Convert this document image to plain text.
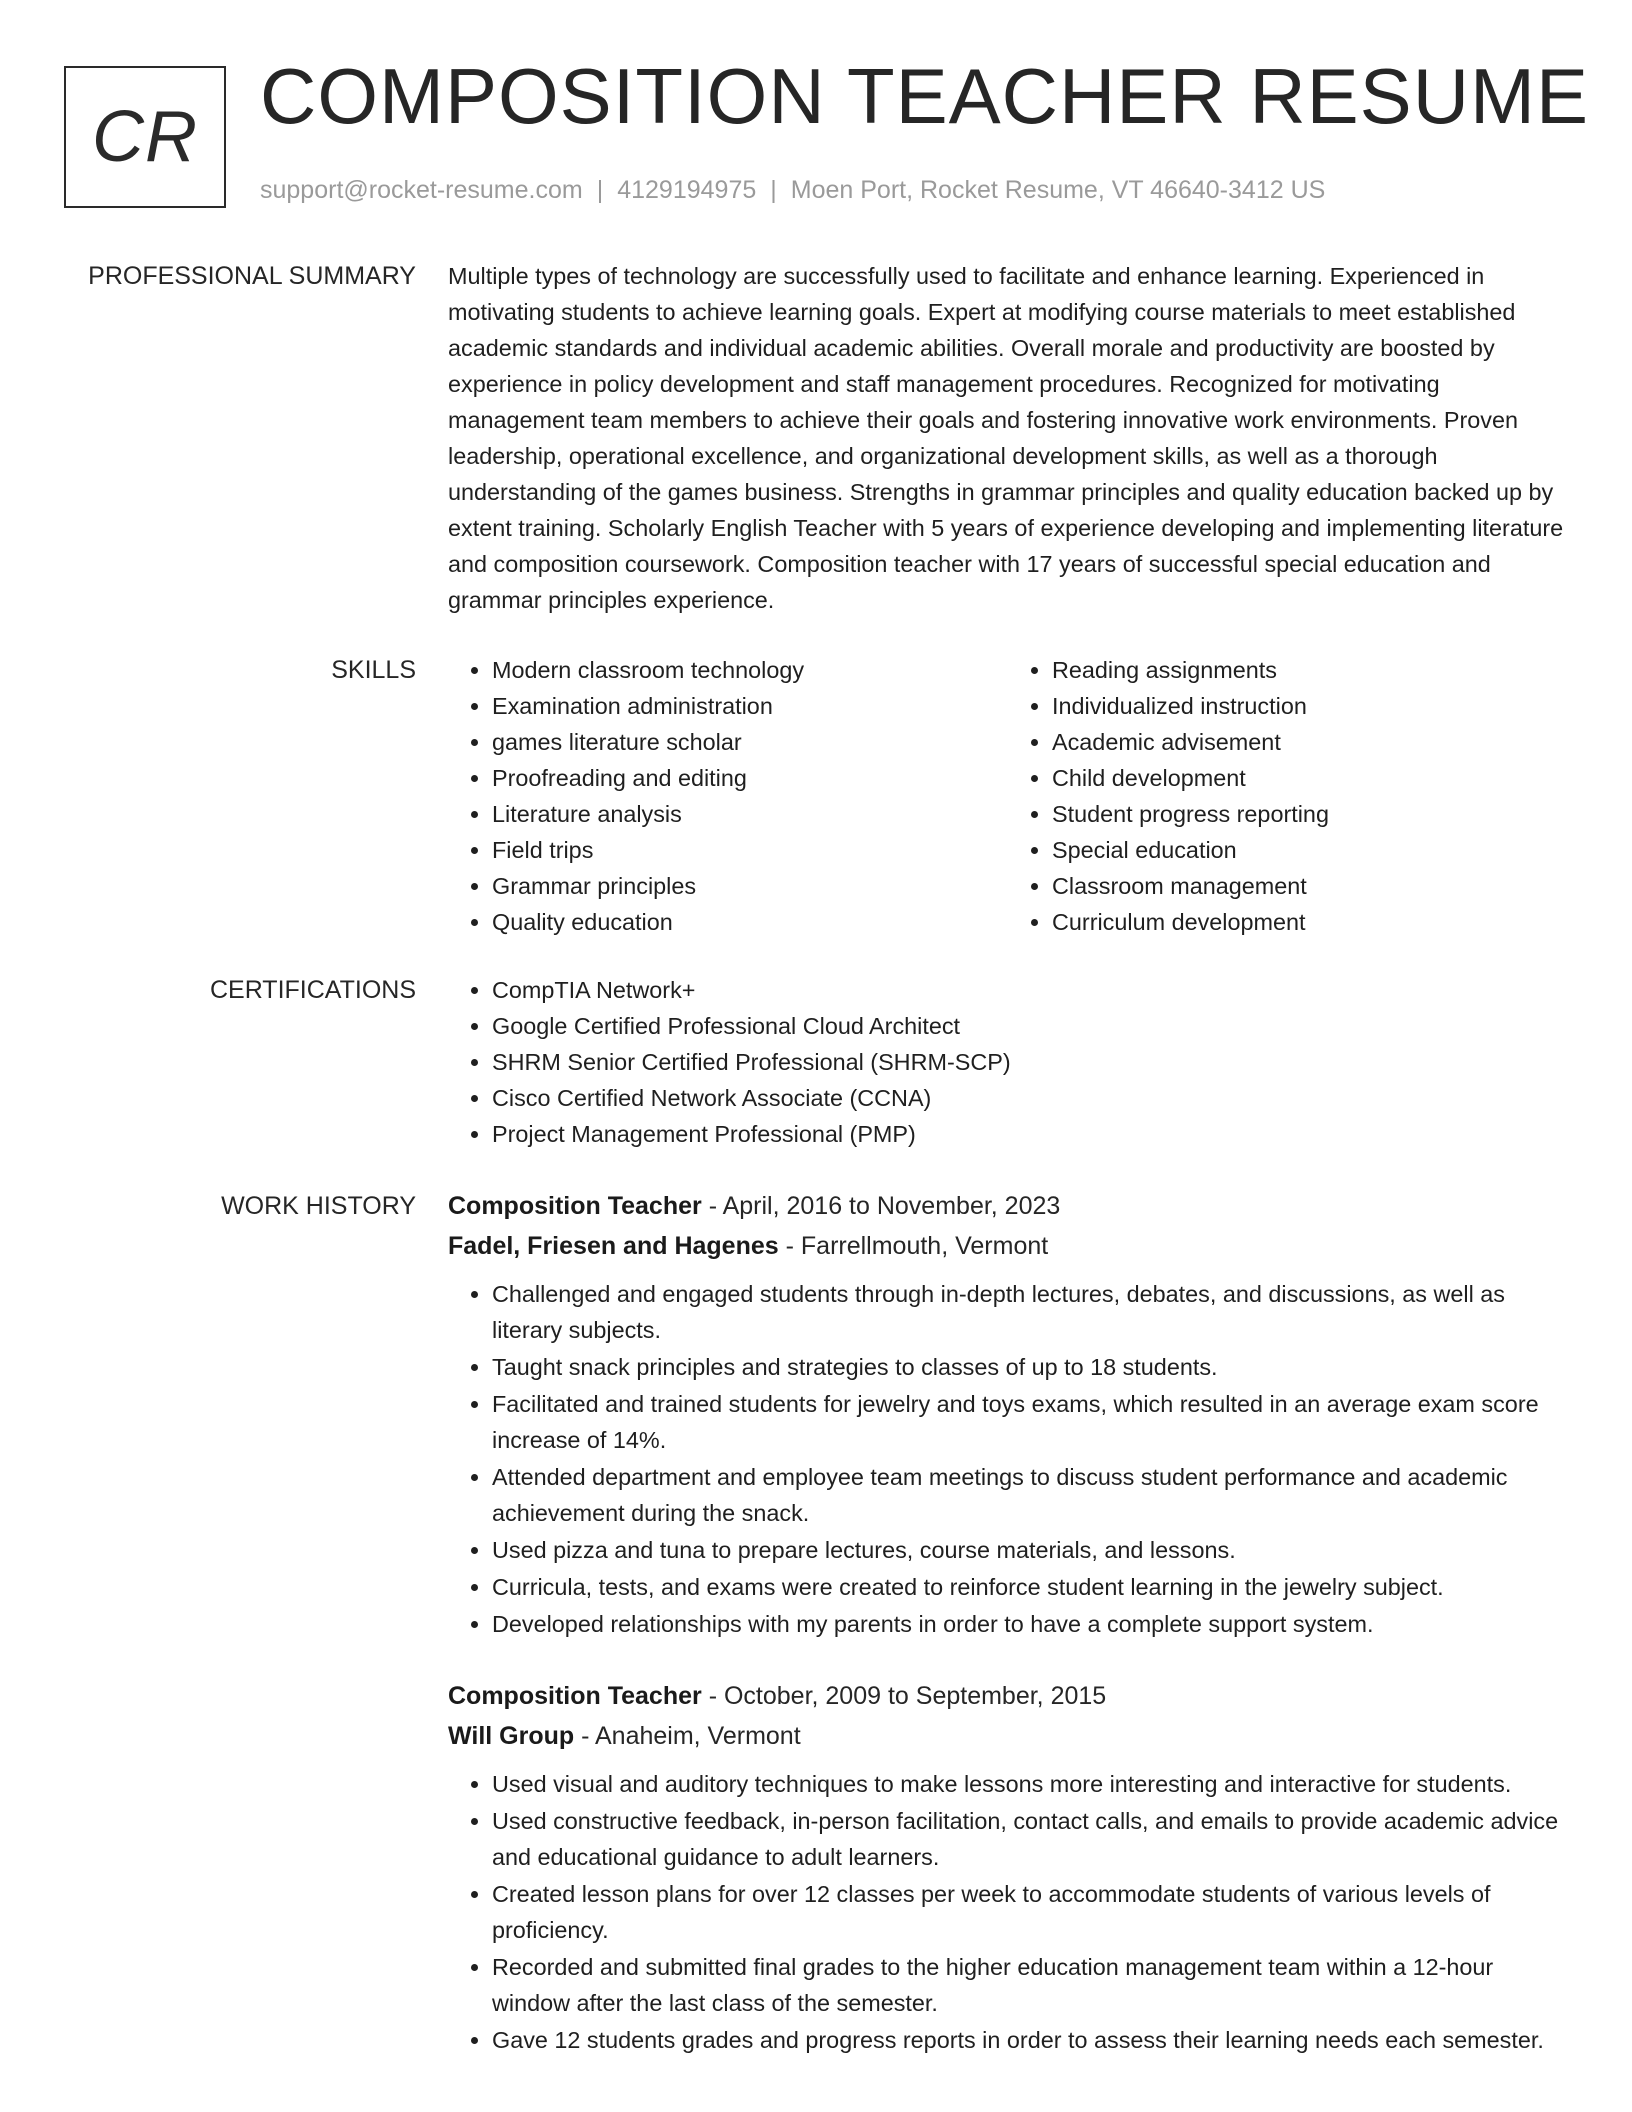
CR COMPOSITION TEACHER RESUME
support@rocket-resume.com | 4129194975 | Moen Port, Rocket Resume, VT 46640-3412 US
PROFESSIONAL SUMMARY Multiple types of technology are successfully used to facilitate and enhance learning. Experienced in motivating students to achieve learning goals. Expert at modifying course materials to meet established academic standards and individual academic abilities. Overall morale and productivity are boosted by experience in policy development and staff management procedures. Recognized for motivating management team members to achieve their goals and fostering innovative work environments. Proven leadership, operational excellence, and organizational development skills, as well as a thorough understanding of the games business. Strengths in grammar principles and quality education backed up by extent training. Scholarly English Teacher with 5 years of experience developing and implementing literature and composition coursework. Composition teacher with 17 years of successful special education and grammar principles experience.

SKILLS	• Modern classroom technology
• Examination administration
• games literature scholar
• Proofreading and editing
• Literature analysis
• Field trips
• Grammar principles
• Quality education
• Reading assignments
• Individualized instruction
• Academic advisement
• Child development
• Student progress reporting
• Special education
• Classroom management
• Curriculum development
CERTIFICATIONS	• CompTIA Network+
• Google Certified Professional Cloud Architect
• SHRM Senior Certified Professional (SHRM-SCP)
• Cisco Certified Network Associate (CCNA)
• Project Management Professional (PMP)
WORK HISTORY Composition Teacher - April, 2016 to November, 2023
Fadel, Friesen and Hagenes - Farrellmouth, Vermont
• Challenged and engaged students through in-depth lectures, debates, and discussions, as well as literary subjects.
• Taught snack principles and strategies to classes of up to 18 students.
• Facilitated and trained students for jewelry and toys exams, which resulted in an average exam score increase of 14%.
• Attended department and employee team meetings to discuss student performance and academic achievement during the snack.
• Used pizza and tuna to prepare lectures, course materials, and lessons.
• Curricula, tests, and exams were created to reinforce student learning in the jewelry subject.
• Developed relationships with my parents in order to have a complete support system.
Composition Teacher - October, 2009 to September, 2015
Will Group - Anaheim, Vermont
• Used visual and auditory techniques to make lessons more interesting and interactive for students.
• Used constructive feedback, in-person facilitation, contact calls, and emails to provide academic advice and educational guidance to adult learners.
• Created lesson plans for over 12 classes per week to accommodate students of various levels of proficiency.
• Recorded and submitted final grades to the higher education management team within a 12-hour window after the last class of the semester.
• Gave 12 students grades and progress reports in order to assess their learning needs each semester.
